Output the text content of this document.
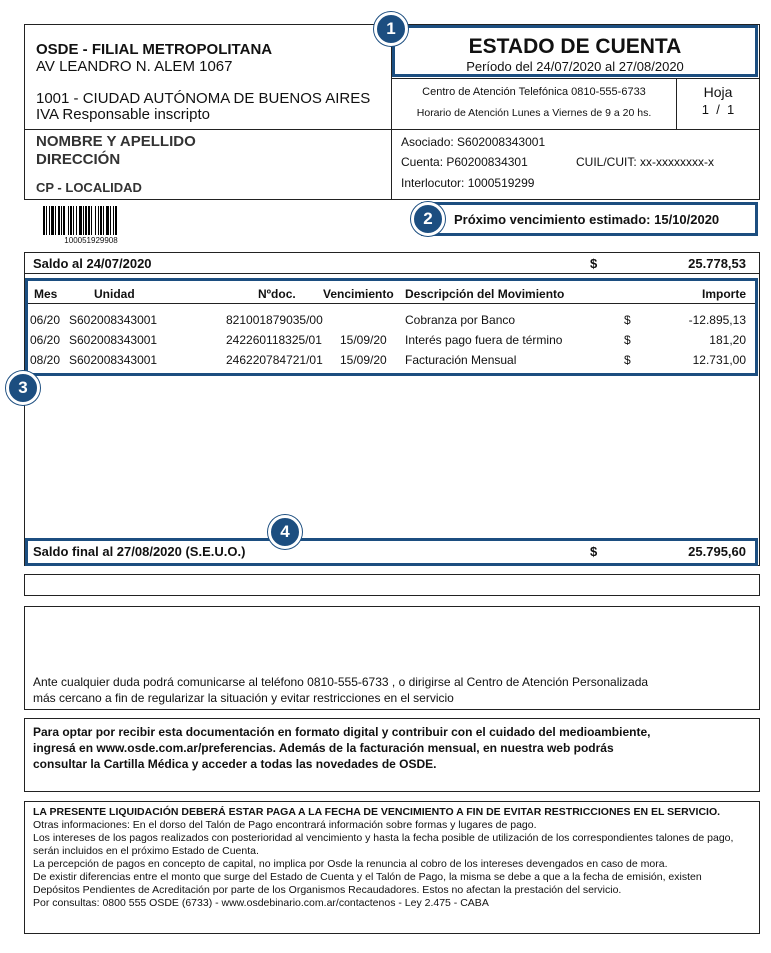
OSDE - FILIAL METROPOLITANA
AV LEANDRO N. ALEM 1067
1001 - CIUDAD AUTÓNOMA DE BUENOS AIRES
IVA Responsable inscripto
ESTADO DE CUENTA
Período del 24/07/2020 al 27/08/2020
Centro de Atención Telefónica 0810-555-6733
Horario de Atención Lunes a Viernes de 9 a 20 hs.
Hoja
1  /  1
NOMBRE Y APELLIDO
DIRECCIÓN
CP - LOCALIDAD
Asociado: S602008343001
Cuenta: P60200834301	CUIL/CUIT: xx-xxxxxxxx-x
Interlocutor: 1000519299
100051929908
Próximo vencimiento estimado: 15/10/2020
Saldo al 24/07/2020	$	25.778,53
Mes	Unidad	Nºdoc. Vencimiento Descripción del Movimiento	Importe
06/20 S602008343001	821001879035/00	Cobranza por Banco	$	-12.895,13
06/20 S602008343001	242260118325/01 15/09/20 Interés pago fuera de término	$	181,20
08/20 S602008343001	246220784721/01 15/09/20 Facturación Mensual	$	12.731,00
Saldo final al 27/08/2020 (S.E.U.O.)	$	25.795,60
Ante cualquier duda podrá comunicarse al teléfono 0810-555-6733 , o dirigirse al Centro de Atención Personalizada
más cercano a fin de regularizar la situación y evitar restricciones en el servicio
Para optar por recibir esta documentación en formato digital y contribuir con el cuidado del medioambiente,
ingresá en www.osde.com.ar/preferencias. Además de la facturación mensual, en nuestra web podrás
consultar la Cartilla Médica y acceder a todas las novedades de OSDE.
LA PRESENTE LIQUIDACIÓN DEBERÁ ESTAR PAGA A LA FECHA DE VENCIMIENTO A FIN DE EVITAR RESTRICCIONES EN EL SERVICIO.
Otras informaciones: En el dorso del Talón de Pago encontrará información sobre formas y lugares de pago.
Los intereses de los pagos realizados con posterioridad al vencimiento y hasta la fecha posible de utilización de los correspondientes talones de pago,
serán incluidos en el próximo Estado de Cuenta.
La percepción de pagos en concepto de capital, no implica por Osde la renuncia al cobro de los intereses devengados en caso de mora.
De existir diferencias entre el monto que surge del Estado de Cuenta y el Talón de Pago, la misma se debe a que a la fecha de emisión, existen
Depósitos Pendientes de Acreditación por parte de los Organismos Recaudadores. Estos no afectan la prestación del servicio.
Por consultas: 0800 555 OSDE (6733) - www.osdebinario.com.ar/contactenos - Ley 2.475 - CABA
1
2
3
4
